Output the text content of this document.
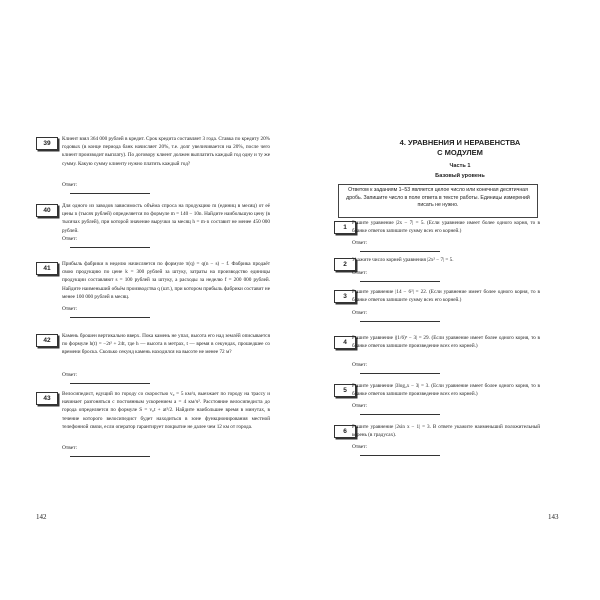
39
Клиент взял 364 000 рублей в кредит. Срок кредита составляет 3 года. Ставка по кредиту 20% годовых (в конце периода банк начисляет 20%, т.е. долг увеличивается на 20%, после чего клиент производит выплату). По договору клиент должен выплатить каждый год одну и ту же сумму. Какую сумму клиенту нужно платить каждый год?
Ответ:
40
Для одного из заводов зависимость объёма спроса на продукцию m (единиц в месяц) от её цены n (тысяч рублей) определяется по формуле m = 140 − 10n. Найдите наибольшую цену (в тысячах рублей), при которой значение выручки за месяц h = m·n составит не менее 450 000 рублей.
Ответ:
41
Прибыль фабрики в неделю начисляется по формуле π(q) = q(n − s) − f. Фабрика продаёт свою продукцию по цене k = 300 рублей за штуку, затраты на производство единицы продукции составляют s = 100 рублей за штуку, а расходы за неделю f = 200 000 рублей. Найдите наименьший объём производства q (шт.), при котором прибыль фабрики составит не менее 100 000 рублей в месяц.
Ответ:
42
Камень брошен вертикально вверх. Пока камень не упал, высота его над землёй описывается по формуле h(t) = −2t² + 24t, где h — высота в метрах, t — время в секундах, прошедшее со времени броска. Сколько секунд камень находился на высоте не менее 72 м?
Ответ:
43
Велосипедист, едущий по городу со скоростью v₀ = 5 км/ч, выезжает по городу на трассу и начинает разгоняться с постоянным ускорением a = 4 км/ч². Расстояние велосипедиста до города определяется по формуле S = v₀t + at²/2. Найдите наибольшее время в минутах, в течение которого велосипедист будет находиться в зоне функционирования местной телефонной связи, если оператор гарантирует покрытие не далее чем 12 км от города.
Ответ:
142
4. УРАВНЕНИЯ И НЕРАВЕНСТВА
С МОДУЛЕМ
Часть 1
Базовый уровень
Ответом к заданиям 1–53 является целое число или конечная десятичная дробь. Запишите число в поле ответа в тексте работы. Единицы измерений писать не нужно.
1
Решите уравнение |2x − 7| = 5. (Если уравнение имеет более одного корня, то в бланке ответов запишите сумму всех его корней.)
Ответ:
2
Укажите число корней уравнения |2x² − 7| = 5.
Ответ:
3
Решите уравнение |14 − 6²| = 22. (Если уравнение имеет более одного корня, то в бланке ответов запишите сумму всех его корней.)
Ответ:
4
Решите уравнение |(1/6)ˣ − 3| = 29. (Если уравнение имеет более одного корня, то в бланке ответов запишите произведение всех его корней.)
Ответ:
5
Решите уравнение |3log₂x − 3| = 3. (Если уравнение имеет более одного корня, то в бланке ответов запишите произведение всех его корней.)
Ответ:
6
Решите уравнение |2sin x − 1| = 3. В ответе укажите наименьший положительный корень (в градусах).
Ответ:
143
